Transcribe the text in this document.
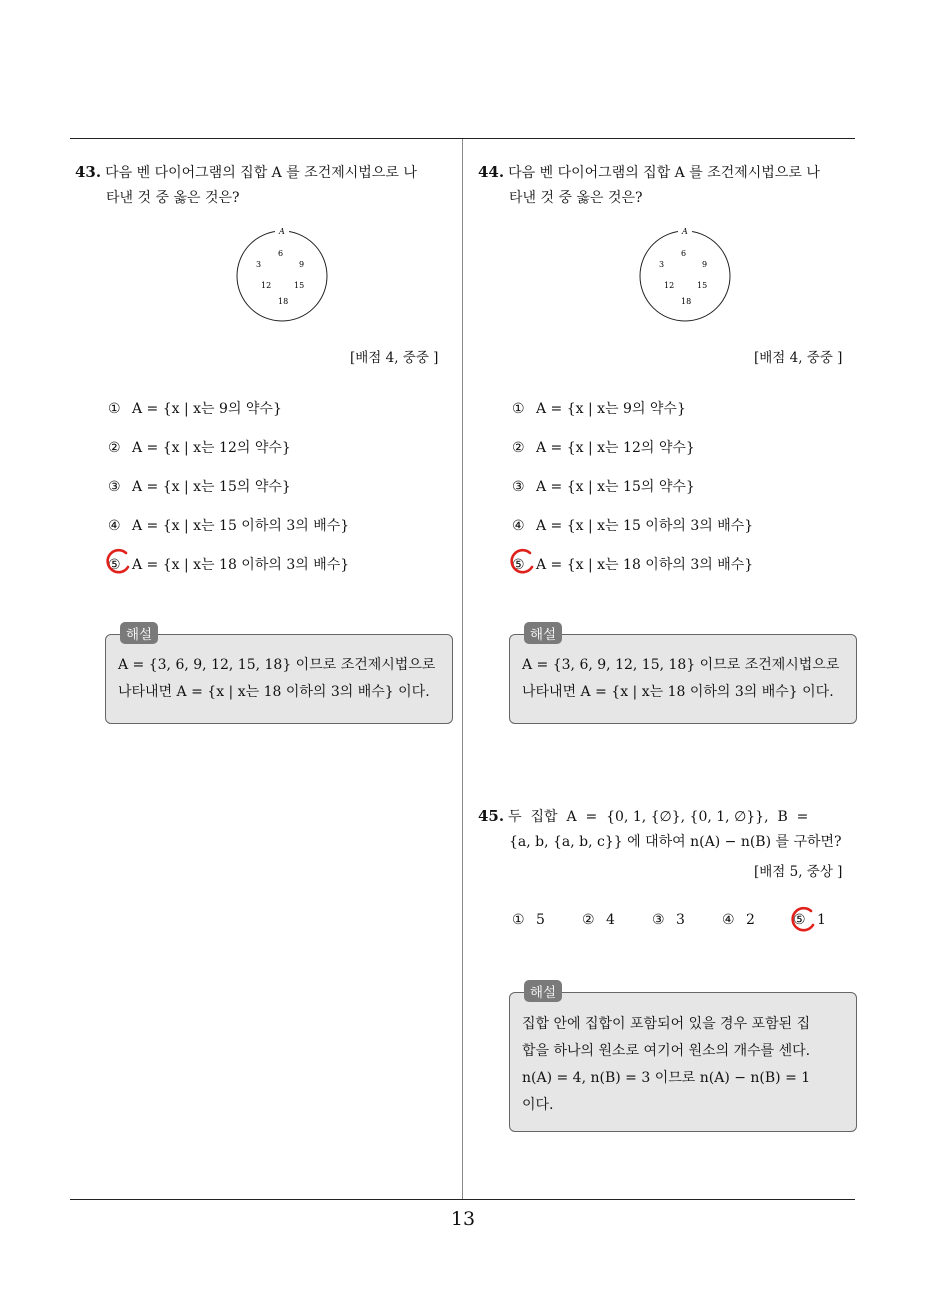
13
43. 다음 벤 다이어그램의 집합 A 를 조건제시법으로 나
타낸 것 중 옳은 것은?
A
6
3	9
12	15
18
[배점 4, 중중 ]
① A = {x | x는 9의 약수}
② A = {x | x는 12의 약수}
③ A = {x | x는 15의 약수}
④ A = {x | x는 15 이하의 3의 배수}
⑤ A = {x | x는 18 이하의 3의 배수}
해설
A = {3, 6, 9, 12, 15, 18} 이므로 조건제시법으로
나타내면 A = {x | x는 18 이하의 3의 배수} 이다.
44. 다음 벤 다이어그램의 집합 A 를 조건제시법으로 나
타낸 것 중 옳은 것은?
A
6
3	9
12	15
18
[배점 4, 중중 ]
① A = {x | x는 9의 약수}
② A = {x | x는 12의 약수}
③ A = {x | x는 15의 약수}
④ A = {x | x는 15 이하의 3의 배수}
⑤ A = {x | x는 18 이하의 3의 배수}
해설
A = {3, 6, 9, 12, 15, 18} 이므로 조건제시법으로
나타내면 A = {x | x는 18 이하의 3의 배수} 이다.
45. 두  집합  A  =  {0, 1, {∅}, {0, 1, ∅}},  B  =
{a, b, {a, b, c}} 에 대하여 n(A) − n(B) 를 구하면?
[배점 5, 중상 ]
① 5	② 4	③ 3	④ 2	⑤ 1
해설
집합 안에 집합이 포함되어 있을 경우 포함된 집
합을 하나의 원소로 여기어 원소의 개수를 센다.
n(A) = 4, n(B) = 3 이므로 n(A) − n(B) = 1
이다.
